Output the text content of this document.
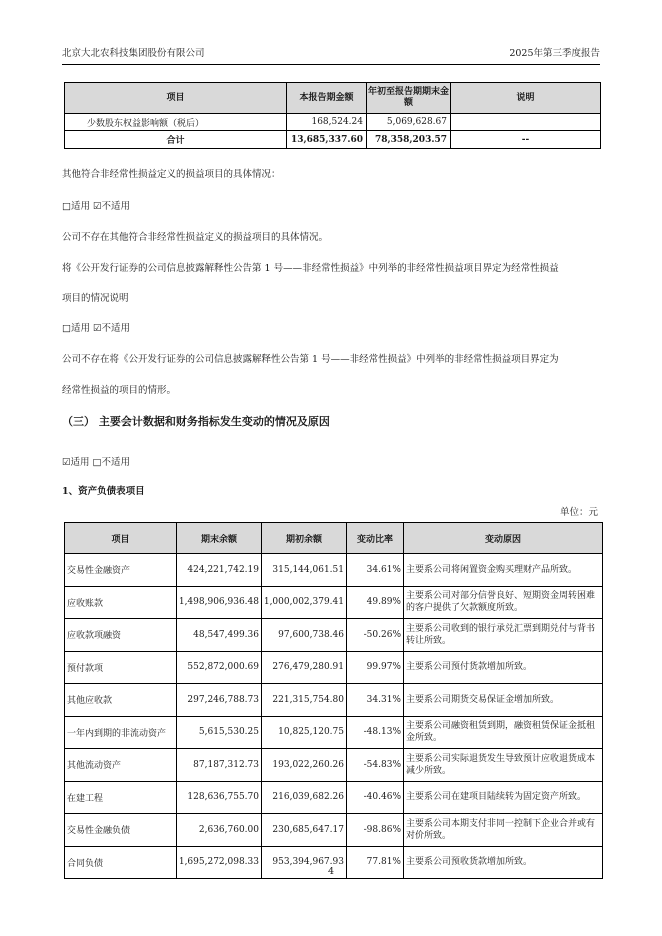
北京大北农科技集团股份有限公司	2025年第三季度报告
项目	本报告期金额	年初至报告期期末金额	说明
少数股东权益影响额（税后）	168,524.24	5,069,628.67	
合计	13,685,337.60	78,358,203.57	--
其他符合非经常性损益定义的损益项目的具体情况：
□适用 ☑不适用
公司不存在其他符合非经常性损益定义的损益项目的具体情况。
将《公开发行证券的公司信息披露解释性公告第 1 号——非经常性损益》中列举的非经常性损益项目界定为经常性损益
项目的情况说明
□适用 ☑不适用
公司不存在将《公开发行证券的公司信息披露解释性公告第 1 号——非经常性损益》中列举的非经常性损益项目界定为
经常性损益的项目的情形。
（三） 主要会计数据和财务指标发生变动的情况及原因
☑适用 □不适用
1、资产负债表项目
单位：元
项目	期末余额	期初余额	变动比率	变动原因
交易性金融资产	424,221,742.19	315,144,061.51	34.61%	主要系公司将闲置资金购买理财产品所致。
应收账款	1,498,906,936.48	1,000,002,379.41	49.89%	主要系公司对部分信誉良好、短期资金周转困难的客户提供了欠款额度所致。
应收款项融资	48,547,499.36	97,600,738.46	-50.26%	主要系公司收到的银行承兑汇票到期兑付与背书转让所致。
预付款项	552,872,000.69	276,479,280.91	99.97%	主要系公司预付货款增加所致。
其他应收款	297,246,788.73	221,315,754.80	34.31%	主要系公司期货交易保证金增加所致。
一年内到期的非流动资产	5,615,530.25	10,825,120.75	-48.13%	主要系公司融资租赁到期，融资租赁保证金抵租金所致。
其他流动资产	87,187,312.73	193,022,260.26	-54.83%	主要系公司实际退货发生导致预计应收退货成本减少所致。
在建工程	128,636,755.70	216,039,682.26	-40.46%	主要系公司在建项目陆续转为固定资产所致。
交易性金融负债	2,636,760.00	230,685,647.17	-98.86%	主要系公司本期支付非同一控制下企业合并或有对价所致。
合同负债	1,695,272,098.33	953,394,967.93	77.81%	主要系公司预收货款增加所致。
4
